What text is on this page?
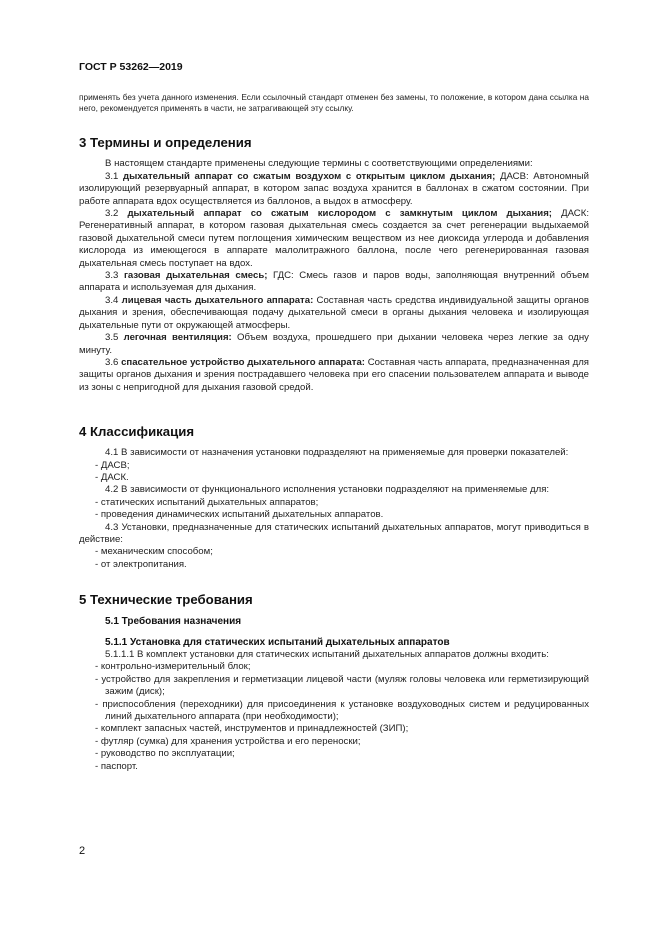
ГОСТ Р 53262—2019

применять без учета данного изменения. Если ссылочный стандарт отменен без замены, то положение, в котором дана ссылка на него, рекомендуется применять в части, не затрагивающей эту ссылку.

3 Термины и определения

В настоящем стандарте применены следующие термины с соответствующими определениями:

3.1 дыхательный аппарат со сжатым воздухом с открытым циклом дыхания; ДАСВ: Автономный изолирующий резервуарный аппарат, в котором запас воздуха хранится в баллонах в сжатом состоянии. При работе аппарата вдох осуществляется из баллонов, а выдох в атмосферу.

3.2 дыхательный аппарат со сжатым кислородом с замкнутым циклом дыхания; ДАСК: Регенеративный аппарат, в котором газовая дыхательная смесь создается за счет регенерации выдыхаемой газовой дыхательной смеси путем поглощения химическим веществом из нее диоксида углерода и добавления кислорода из имеющегося в аппарате малолитражного баллона, после чего регенерированная газовая дыхательная смесь поступает на вдох.

3.3 газовая дыхательная смесь; ГДС: Смесь газов и паров воды, заполняющая внутренний объем аппарата и используемая для дыхания.

3.4 лицевая часть дыхательного аппарата: Составная часть средства индивидуальной защиты органов дыхания и зрения, обеспечивающая подачу дыхательной смеси в органы дыхания человека и изолирующая дыхательные пути от окружающей атмосферы.

3.5 легочная вентиляция: Объем воздуха, прошедшего при дыхании человека через легкие за одну минуту.

3.6 спасательное устройство дыхательного аппарата: Составная часть аппарата, предназначенная для защиты органов дыхания и зрения пострадавшего человека при его спасении пользователем аппарата и выводе из зоны с непригодной для дыхания газовой средой.

4 Классификация

4.1 В зависимости от назначения установки подразделяют на применяемые для проверки показателей:

- ДАСВ;

- ДАСК.

4.2 В зависимости от функционального исполнения установки подразделяют на применяемые для:

- статических испытаний дыхательных аппаратов;

- проведения динамических испытаний дыхательных аппаратов.

4.3 Установки, предназначенные для статических испытаний дыхательных аппаратов, могут приводиться в действие:

- механическим способом;

- от электропитания.

5 Технические требования
5.1 Требования назначения
5.1.1 Установка для статических испытаний дыхательных аппаратов

5.1.1.1 В комплект установки для статических испытаний дыхательных аппаратов должны входить:

- контрольно-измерительный блок;

- устройство для закрепления и герметизации лицевой части (муляж головы человека или герметизирующий зажим (диск);

- приспособления (переходники) для присоединения к установке воздуховодных систем и редуцированных линий дыхательного аппарата (при необходимости);

- комплект запасных частей, инструментов и принадлежностей (ЗИП);

- футляр (сумка) для хранения устройства и его переноски;

- руководство по эксплуатации;

- паспорт.

2
